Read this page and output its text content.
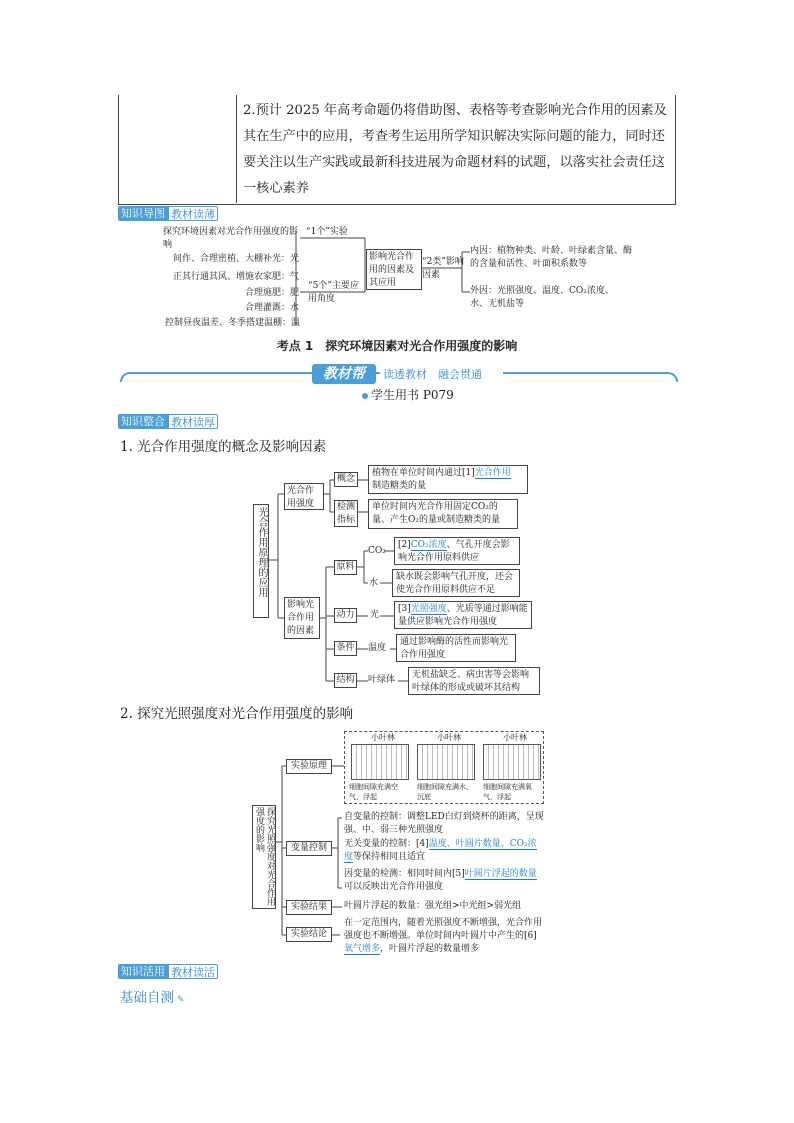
2.预计 2025 年高考命题仍将借助图、表格等考查影响光合作用的因素及其在生产中的应用，考查考生运用所学知识解决实际问题的能力，同时还要关注以生产实践或最新科技进展为命题材料的试题，以落实社会责任这一核心素养
知识导图 教材读薄
探究环境因素对光合作用强度的影响
间作、合理密植、大棚补光：光
正其行通其风、增施农家肥：气
合理施肥：肥
合理灌溉：水
控制昼夜温差、冬季搭建温棚：温
“1个”实验
“5个”主要应用角度
影响光合作用的因素及其应用
“2类”影响因素
内因：植物种类、叶龄、叶绿素含量、酶的含量和活性、叶面积系数等
外因：光照强度、温度、CO₂浓度、水、无机盐等
考点 1　探究环境因素对光合作用强度的影响
教材帮	读透教材　融会贯通
学生用书 P079
知识整合 教材读厚
1. 光合作用强度的概念及影响因素
光合作用原理的应用
光合作用强度
概念
植物在单位时间内通过[1]光合作用
制造糖类的量
检测指标
单位时间内光合作用固定CO₂的量、产生O₂的量或制造糖类的量
影响光合作用的因素
原料
CO₂
[2]CO₂浓度、气孔开度会影响光合作用原料供应
水
缺水既会影响气孔开度，还会使光合作用原料供应不足
动力 光
[3]光照强度、光质等通过影响能量供应影响光合作用强度
条件 温度
通过影响酶的活性而影响光合作用强度
结构 叶绿体	无机盐缺乏、病虫害等会影响叶绿体的形成或破坏其结构
2. 探究光照强度对光合作用强度的影响
探究光照强度对光合作用强度的影响
实验原理
小叶林	小叶林	小叶林
细胞间隙充满空气，浮起
细胞间隙充满水，沉底
细胞间隙充满氧气，浮起
变量控制
自变量的控制：调整LED白灯到烧杯的距离，呈现强、中、弱三种光照强度
无关变量的控制：[4]温度、叶圆片数量、CO₂浓度等保持相同且适宜
因变量的检测：相同时间内[5]叶圆片浮起的数量可以反映出光合作用强度
实验结果	叶圆片浮起的数量：强光组>中光组>弱光组
实验结论
在一定范围内，随着光照强度不断增强，光合作用强度也不断增强。单位时间内叶圆片中产生的[6]氧气增多，叶圆片浮起的数量增多
知识活用 教材读活
基础自测 ✎
